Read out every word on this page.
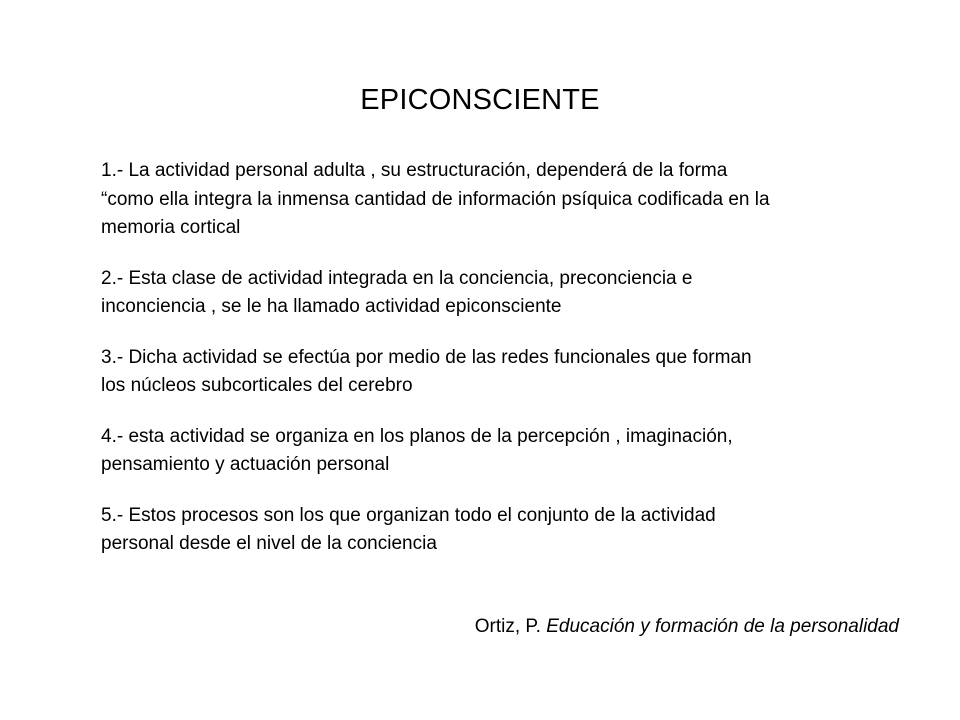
EPICONSCIENTE

1.- La actividad personal adulta , su estructuración, dependerá de la forma
“como ella integra la inmensa cantidad de información psíquica codificada en la
memoria cortical

2.- Esta clase de actividad integrada en la conciencia, preconciencia e
inconciencia , se le ha llamado actividad epiconsciente

3.- Dicha actividad se efectúa por medio de las redes funcionales que forman
los núcleos subcorticales del cerebro

4.- esta actividad se organiza en los planos de la percepción , imaginación,
pensamiento y actuación personal

5.- Estos procesos son los que organizan todo el conjunto de la actividad
personal desde el nivel de la conciencia

Ortiz, P. Educación y formación de la personalidad
